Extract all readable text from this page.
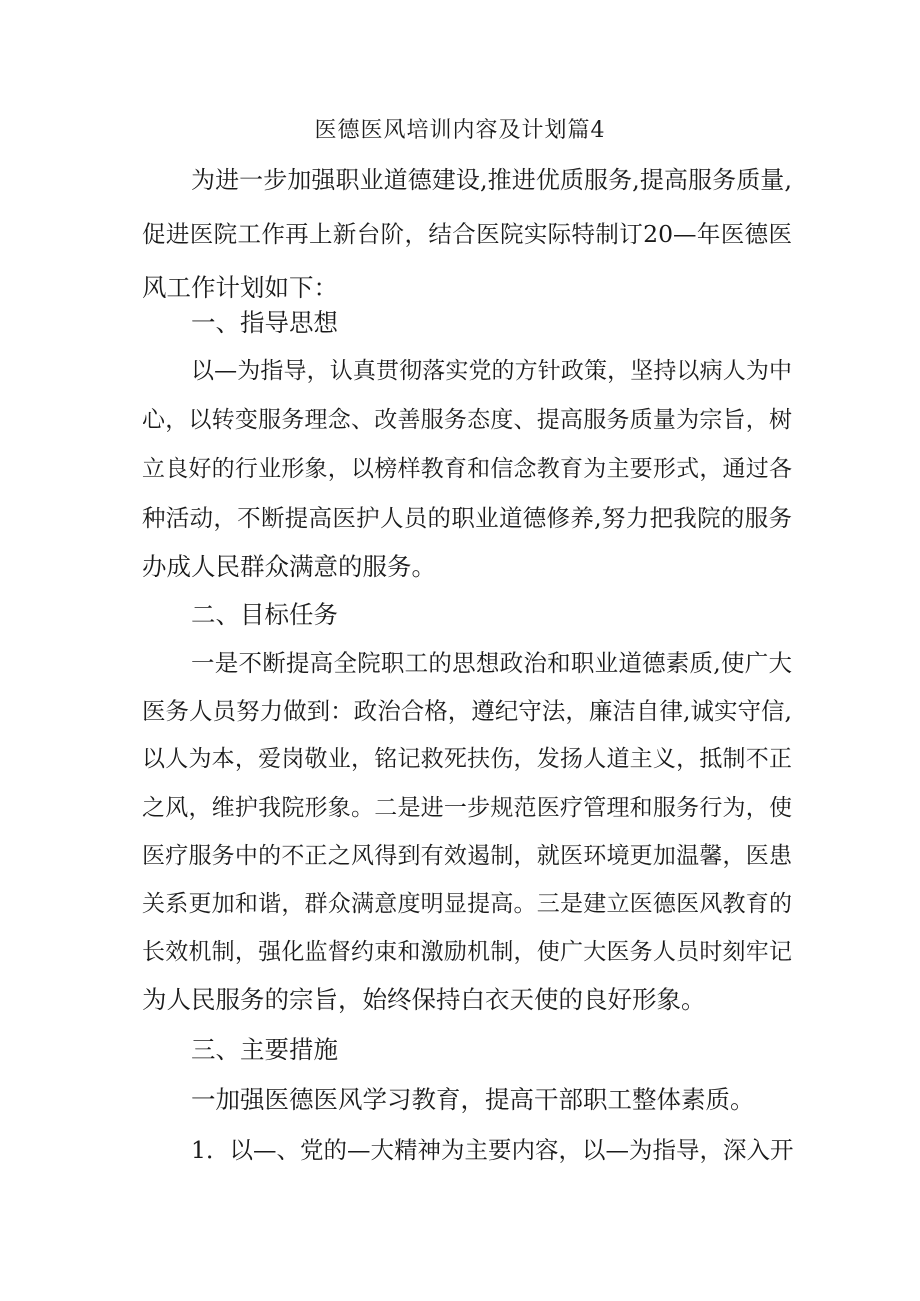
医德医风培训内容及计划篇4
为进一步加强职业道德建设,推进优质服务,提高服务质量,
促进医院工作再上新台阶，结合医院实际特制订20—年医德医
风工作计划如下：
一、指导思想
以—为指导，认真贯彻落实党的方针政策，坚持以病人为中
心，以转变服务理念、改善服务态度、提高服务质量为宗旨，树
立良好的行业形象，以榜样教育和信念教育为主要形式，通过各
种活动，不断提高医护人员的职业道德修养,努力把我院的服务
办成人民群众满意的服务。
二、目标任务
一是不断提高全院职工的思想政治和职业道德素质,使广大
医务人员努力做到：政治合格，遵纪守法，廉洁自律,诚实守信,
以人为本，爱岗敬业，铭记救死扶伤，发扬人道主义，抵制不正
之风，维护我院形象。二是进一步规范医疗管理和服务行为，使
医疗服务中的不正之风得到有效遏制，就医环境更加温馨，医患
关系更加和谐，群众满意度明显提高。三是建立医德医风教育的
长效机制，强化监督约束和激励机制，使广大医务人员时刻牢记
为人民服务的宗旨，始终保持白衣天使的良好形象。
三、主要措施
一加强医德医风学习教育，提高干部职工整体素质。
1．以—、党的—大精神为主要内容，以—为指导，深入开
